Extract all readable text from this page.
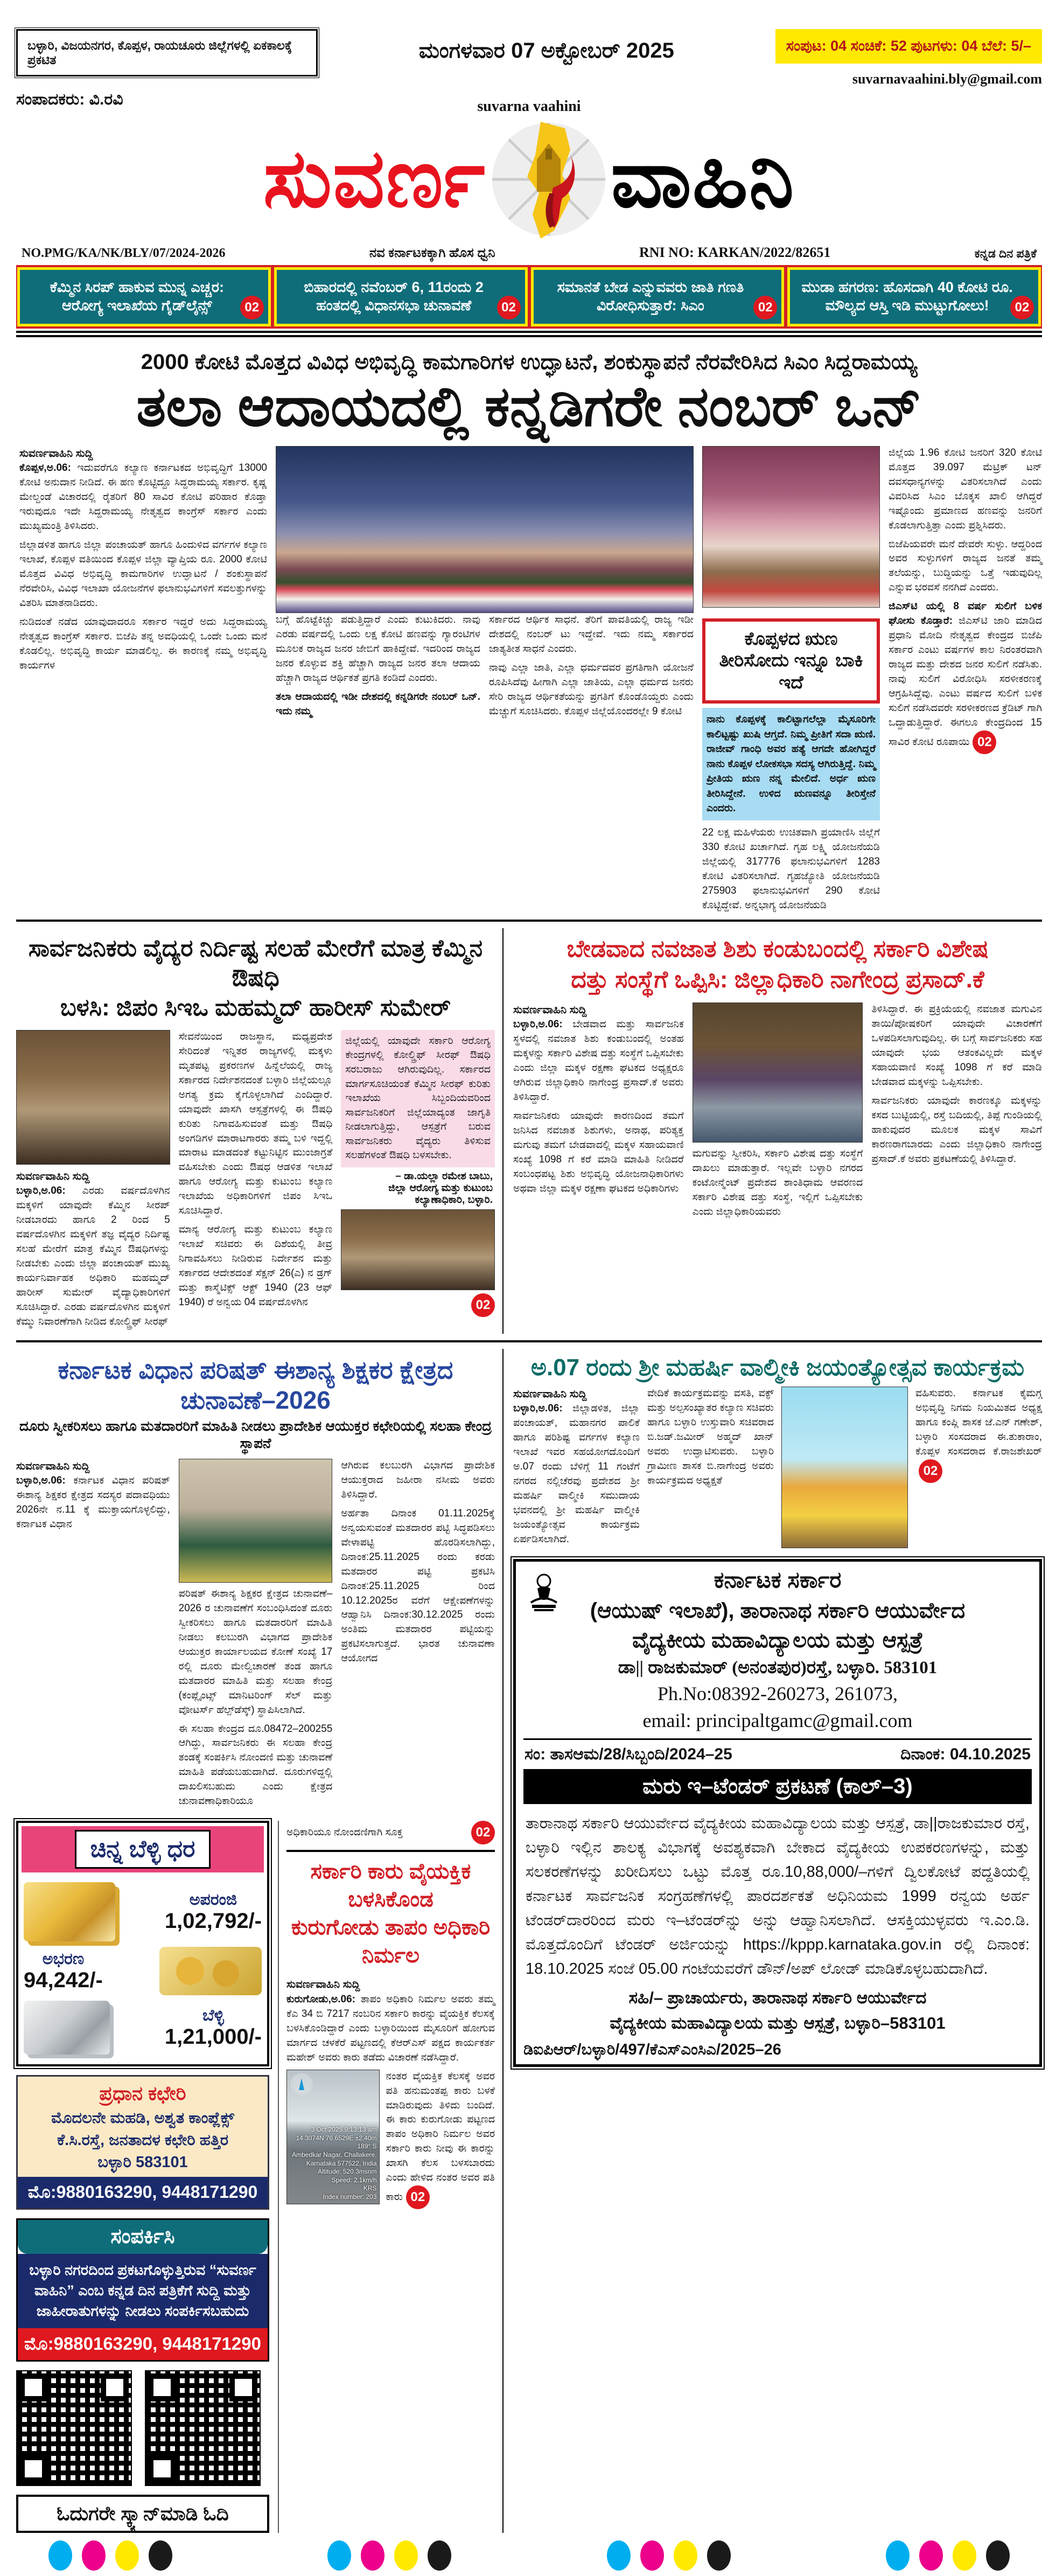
ಬಳ್ಳಾರಿ, ವಿಜಯನಗರ, ಕೊಪ್ಪಳ, ರಾಯಚೂರು ಜಿಲ್ಲೆಗಳಲ್ಲಿ ಏಕಕಾಲಕ್ಕೆ ಪ್ರಕಟಿತ	ಮಂಗಳವಾರ 07 ಅಕ್ಟೋಬರ್ 2025	ಸಂಪುಟ: 04 ಸಂಚಿಕೆ: 52 ಪುಟಗಳು: 04 ಬೆಲೆ: 5/–
suvarnavaahini.bly@gmail.com
ಸಂಪಾದಕರು: ವಿ.ರವಿ	suvarna vaahini
ಸುವರ್ಣ ವಾಹಿನಿ
NO.PMG/KA/NK/BLY/07/2024-2026	ನವ ಕರ್ನಾಟಕಕ್ಕಾಗಿ ಹೊಸ ಧ್ವನಿ	RNI NO: KARKAN/2022/82651	ಕನ್ನಡ ದಿನ ಪತ್ರಿಕೆ
ಕೆಮ್ಮಿನ ಸಿರಪ್ ಹಾಕುವ ಮುನ್ನ ಎಚ್ಚರ: ಆರೋಗ್ಯ ಇಲಾಖೆಯ ಗೈಡ್‌ಲೈನ್ಸ್	02
ಬಿಹಾರದಲ್ಲಿ ನವೆಂಬರ್ 6, 11ರಂದು 2 ಹಂತದಲ್ಲಿ ವಿಧಾನಸಭಾ ಚುನಾವಣೆ	02
ಸಮಾನತೆ ಬೇಡ ಎನ್ನುವವರು ಜಾತಿ ಗಣತಿ ವಿರೋಧಿಸುತ್ತಾರೆ: ಸಿಎಂ	02
ಮುಡಾ ಹಗರಣ: ಹೊಸದಾಗಿ 40 ಕೋಟಿ ರೂ. ಮೌಲ್ಯದ ಆಸ್ತಿ ಇಡಿ ಮುಟ್ಟುಗೋಲು!	02
2000 ಕೋಟಿ ಮೊತ್ತದ ವಿವಿಧ ಅಭಿವೃದ್ಧಿ ಕಾಮಗಾರಿಗಳ ಉದ್ಘಾಟನೆ, ಶಂಕುಸ್ಥಾಪನೆ ನೆರವೇರಿಸಿದ ಸಿಎಂ ಸಿದ್ದರಾಮಯ್ಯ
ತಲಾ ಆದಾಯದಲ್ಲಿ ಕನ್ನಡಿಗರೇ ನಂಬರ್ ಒನ್
ಸುವರ್ಣವಾಹಿನಿ ಸುದ್ದಿ

ಕೊಪ್ಪಳ,ಅ.06: ಇದುವರೆಗೂ ಕಲ್ಯಾಣ ಕರ್ನಾಟಕದ ಅಭಿವೃದ್ಧಿಗೆ 13000 ಕೋಟಿ ಅನುದಾನ ನೀಡಿದೆ. ಈ ಹಣ ಕೊಟ್ಟಿದ್ದೂ ಸಿದ್ದರಾಮಯ್ಯ ಸರ್ಕಾರ. ಕೃಷ್ಣ ಮೇಲ್ದಂಡೆ ವಿಚಾರದಲ್ಲಿ ರೈತರಿಗೆ 80 ಸಾವಿರ ಕೋಟಿ ಪರಿಹಾರ ಕೊಡ್ತಾ ಇರುವುದೂ ಇದೇ ಸಿದ್ದರಾಮಯ್ಯ ನೇತೃತ್ವದ ಕಾಂಗ್ರೆಸ್ ಸರ್ಕಾರ ಎಂದು ಮುಖ್ಯಮಂತ್ರಿ ತಿಳಿಸಿದರು.

ಜಿಲ್ಲಾಡಳಿತ ಹಾಗೂ ಜಿಲ್ಲಾ ಪಂಚಾಯತ್ ಹಾಗೂ ಹಿಂದುಳಿದ ವರ್ಗಗಳ ಕಲ್ಯಾಣ ಇಲಾಖೆ, ಕೊಪ್ಪಳ ವತಿಯಿಂದ ಕೊಪ್ಪಳ ಜಿಲ್ಲಾ ವ್ಯಾಪ್ತಿಯ ರೂ. 2000 ಕೋಟಿ ಮೊತ್ತದ ವಿವಿಧ ಅಭಿವೃದ್ಧಿ ಕಾಮಗಾರಿಗಳ ಉದ್ಘಾಟನೆ / ಶಂಕುಸ್ಥಾಪನೆ ನೆರವೇರಿಸಿ, ವಿವಿಧ ಇಲಾಖಾ ಯೋಜನೆಗಳ ಫಲಾನುಭವಿಗಳಿಗೆ ಸವಲತ್ತುಗಳನ್ನು ವಿತರಿಸಿ ಮಾತನಾಡಿದರು.

ನುಡಿದಂತೆ ನಡೆದ ಯಾವುದಾದರೂ ಸರ್ಕಾರ ಇದ್ದರೆ ಅದು ಸಿದ್ದರಾಮಯ್ಯ ನೇತೃತ್ವದ ಕಾಂಗ್ರೆಸ್ ಸರ್ಕಾರ. ಬಿಜೆಪಿ ತನ್ನ ಅವಧಿಯಲ್ಲಿ ಒಂದೇ ಒಂದು ಮನೆ ಕೊಡಲಿಲ್ಲ. ಅಭಿವೃದ್ಧಿ ಕಾರ್ಯ ಮಾಡಲಿಲ್ಲ. ಈ ಕಾರಣಕ್ಕೆ ನಮ್ಮ ಅಭಿವೃದ್ಧಿ ಕಾರ್ಯಗಳ

ಬಗ್ಗೆ ಹೊಟ್ಟೆಕಿಚ್ಚು ಪಡುತ್ತಿದ್ದಾರೆ ಎಂದು ಕುಟುಕಿದರು. ನಾವು ಎರಡು ವರ್ಷದಲ್ಲಿ ಒಂದು ಲಕ್ಷ ಕೋಟಿ ಹಣವನ್ನು ಗ್ಯಾರಂಟಿಗಳ ಮೂಲಕ ರಾಜ್ಯದ ಜನರ ಜೇಬಿಗೆ ಹಾಕಿದ್ದೇವೆ. ಇದರಿಂದ ರಾಜ್ಯದ ಜನರ ಕೊಳ್ಳುವ ಶಕ್ತಿ ಹೆಚ್ಚಾಗಿ ರಾಜ್ಯದ ಜನರ ತಲಾ ಆದಾಯ ಹೆಚ್ಚಾಗಿ ರಾಜ್ಯದ ಆರ್ಥಿಕತೆ ಪ್ರಗತಿ ಕಂಡಿದೆ ಎಂದರು.

ತಲಾ ಆದಾಯದಲ್ಲಿ ಇಡೀ ದೇಶದಲ್ಲಿ ಕನ್ನಡಿಗರೇ ನಂಬರ್ ಒನ್. ಇದು ನಮ್ಮ

ಸರ್ಕಾರದ ಆರ್ಥಿಕ ಸಾಧನೆ. ತೆರಿಗೆ ಪಾವತಿಯಲ್ಲಿ ರಾಜ್ಯ ಇಡೀ ದೇಶದಲ್ಲಿ ನಂಬರ್ ಟು ಇದ್ದೇವೆ. ಇದು ನಮ್ಮ ಸರ್ಕಾರದ ಜಾತ್ಯತೀತ ಸಾಧನೆ ಎಂದರು.

ನಾವು ಎಲ್ಲಾ ಜಾತಿ, ಎಲ್ಲಾ ಧರ್ಮದವರ ಪ್ರಗತಿಗಾಗಿ ಯೋಜನೆ ರೂಪಿಸಿದೆವು ಹೀಗಾಗಿ ಎಲ್ಲಾ ಜಾತಿಯ, ಎಲ್ಲಾ ಧರ್ಮದ ಜನರು ಸೇರಿ ರಾಜ್ಯದ ಆರ್ಥಿಕತೆಯನ್ನು ಪ್ರಗತಿಗೆ ಕೊಂಡೊಯ್ದರು ಎಂದು ಮೆಚ್ಚುಗೆ ಸೂಚಿಸಿದರು. ಕೊಪ್ಪಳ ಜಿಲ್ಲೆಯೊಂದರಲ್ಲೇ 9 ಕೋಟಿ

ಕೊಪ್ಪಳದ ಋಣ ತೀರಿಸೋದು ಇನ್ನೂ ಬಾಕಿ ಇದೆ
ನಾನು ಕೊಪ್ಪಳಕ್ಕೆ ಕಾಲಿಟ್ಟಾಗಲೆಲ್ಲಾ ಮೈಸೂರಿಗೇ ಕಾಲಿಟ್ಟಷ್ಟು ಖುಷಿ ಆಗ್ತದೆ. ನಿಮ್ಮ ಪ್ರೀತಿಗೆ ಸದಾ ಋಣಿ. ರಾಜೀವ್ ಗಾಂಧಿ ಅವರ ಹತ್ಯೆ ಆಗದೇ ಹೋಗಿದ್ದರೆ ನಾನು ಕೊಪ್ಪಳ ಲೋಕಸಭಾ ಸದಸ್ಯ ಆಗಿರುತ್ತಿದ್ದೆ. ನಿಮ್ಮ ಪ್ರೀತಿಯ ಋಣ ನನ್ನ ಮೇಲಿದೆ. ಅರ್ಧ ಋಣ ತೀರಿಸಿದ್ದೇನೆ. ಉಳಿದ ಋಣವನ್ನೂ ತೀರಿಸ್ತೇನೆ ಎಂದರು.

22 ಲಕ್ಷ ಮಹಿಳೆಯರು ಉಚಿತವಾಗಿ ಪ್ರಯಾಣಿಸಿ ಜಿಲ್ಲೆಗೆ 330 ಕೋಟಿ ಖರ್ಚಾಗಿದೆ. ಗೃಹ ಲಕ್ಷ್ಮಿ ಯೋಜನೆಯಡಿ ಜಿಲ್ಲೆಯಲ್ಲಿ 317776 ಫಲಾನುಭವಿಗಳಿಗೆ 1283 ಕೋಟಿ ವಿತರಿಸಲಾಗಿದೆ. ಗೃಹಜ್ಯೋತಿ ಯೋಜನೆಯಡಿ 275903 ಫಲಾನುಭವಿಗಳಿಗೆ 290 ಕೋಟಿ ಕೊಟ್ಟಿದ್ದೇವೆ. ಅನ್ನಭಾಗ್ಯ ಯೋಜನೆಯಡಿ

ಜಿಲ್ಲೆಯ 1.96 ಕೋಟಿ ಜನರಿಗೆ 320 ಕೋಟಿ ಮೊತ್ತದ 39.097 ಮೆಟ್ರಿಕ್ ಟನ್ ದವಸಧಾನ್ಯಗಳನ್ನು ವಿತರಿಸಲಾಗಿದೆ ಎಂದು ವಿವರಿಸಿದ ಸಿಎಂ ಬೊಕ್ಕಸ ಖಾಲಿ ಆಗಿದ್ದರೆ ಇಷ್ಟೊಂದು ಪ್ರಮಾಣದ ಹಣವನ್ನು ಜನರಿಗೆ ಕೊಡಲಾಗುತ್ತಿತ್ತಾ ಎಂದು ಪ್ರಶ್ನಿಸಿದರು.

ಬಿಜೆಪಿಯವರೇ ಮನೆ ದೇವರೇ ಸುಳ್ಳು. ಆದ್ದರಿಂದ ಅವರ ಸುಳ್ಳುಗಳಿಗೆ ರಾಜ್ಯದ ಜನತೆ ತಮ್ಮ ತಲೆಯನ್ನು, ಬುದ್ಧಿಯನ್ನು ಒತ್ತೆ ಇಡುವುದಿಲ್ಲ ಎನ್ನುವ ಭರವಸೆ ನನಗಿದೆ ಎಂದರು.

ಜಿಎಸ್‌ಟಿ ಯಲ್ಲಿ 8 ವರ್ಷ ಸುಲಿಗೆ ಬಳಿಕ ಘೋಸು ಕೊಡ್ತಾರೆ: ಜಿಎಸ್‌ಟಿ ಜಾರಿ ಮಾಡಿದ ಪ್ರಧಾನಿ ಮೋದಿ ನೇತೃತ್ವದ ಕೇಂದ್ರದ ಬಿಜೆಪಿ ಸರ್ಕಾರ ಎಂಟು ವರ್ಷಗಳ ಕಾಲ ನಿರಂತರವಾಗಿ ರಾಜ್ಯದ ಮತ್ತು ದೇಶದ ಜನರ ಸುಲಿಗೆ ನಡೆಸಿತು. ನಾವು ಸುಲಿಗೆ ವಿರೋಧಿಸಿ ಸರಳೀಕರಣಕ್ಕೆ ಆಗ್ರಹಿಸಿದ್ದೆವು. ಎಂಟು ವರ್ಷದ ಸುಲಿಗೆ ಬಳಿಕ ಸುಲಿಗೆ ನಡೆಸಿದವರೇ ಸರಳೀಕರಣದ ಕ್ರೆಡಿಟ್ ಗಾಗಿ ಒದ್ದಾಡುತ್ತಿದ್ದಾರೆ. ಈಗಲೂ ಕೇಂದ್ರದಿಂದ 15 ಸಾವಿರ ಕೋಟಿ ರೂಪಾಯಿ 02

ಸಾರ್ವಜನಿಕರು ವೈದ್ಯರ ನಿರ್ದಿಷ್ಟ ಸಲಹೆ ಮೇರೆಗೆ ಮಾತ್ರ ಕೆಮ್ಮಿನ ಔಷಧಿ
ಬಳಸಿ: ಜಿಪಂ ಸಿಇಒ ಮಹಮ್ಮದ್ ಹಾರೀಸ್ ಸುಮೇರ್
ಸುವರ್ಣವಾಹಿನಿ ಸುದ್ದಿ

ಬಳ್ಳಾರಿ,ಅ.06: ಎರಡು ವರ್ಷದೊಳಗಿನ ಮಕ್ಕಳಿಗೆ ಯಾವುದೇ ಕೆಮ್ಮಿನ ಸೀರಪ್ ನೀಡಬಾರದು ಹಾಗೂ 2 ರಿಂದ 5 ವರ್ಷದೊಳಗಿನ ಮಕ್ಕಳಿಗೆ ತಜ್ಞ ವೈದ್ಯರ ನಿರ್ದಿಷ್ಟ ಸಲಹೆ ಮೇರೆಗೆ ಮಾತ್ರ ಕೆಮ್ಮಿನ ಔಷಧಿಗಳನ್ನು ನೀಡಬೇಕು ಎಂದು ಜಿಲ್ಲಾ ಪಂಚಾಯತ್ ಮುಖ್ಯ ಕಾರ್ಯನಿರ್ವಾಹಕ ಅಧಿಕಾರಿ ಮಹಮ್ಮದ್ ಹಾರೀಸ್ ಸುಮೇರ್ ವೈದ್ಯಾಧಿಕಾರಿಗಳಿಗೆ ಸೂಚಿಸಿದ್ದಾರೆ. ಎರಡು ವರ್ಷದೊಳಗಿನ ಮಕ್ಕಳಿಗೆ ಕೆಮ್ಮು ನಿವಾರಣೆಗಾಗಿ ನೀಡಿದ ಕೋಲ್ಡ್ರಿಫ್ ಸೀರಫ್

ಸೇವನೆಯಿಂದ ರಾಜಸ್ಥಾನ, ಮಧ್ಯಪ್ರದೇಶ ಸೇರಿದಂತೆ ಇನ್ನಿತರ ರಾಜ್ಯಗಳಲ್ಲಿ ಮಕ್ಕಳು ಮೃತಪಟ್ಟ ಪ್ರಕರಣಗಳ ಹಿನ್ನೆಲೆಯಲ್ಲಿ ರಾಜ್ಯ ಸರ್ಕಾರದ ನಿರ್ದೇಶನದಂತೆ ಬಳ್ಳಾರಿ ಜಿಲ್ಲೆಯಲ್ಲೂ ಅಗತ್ಯ ಕ್ರಮ ಕೈಗೊಳ್ಳಲಾಗಿದೆ ಎಂದಿದ್ದಾರೆ. ಯಾವುದೇ ಖಾಸಗಿ ಆಸ್ಪತ್ರೆಗಳಲ್ಲಿ ಈ ಔಷಧಿ ಕುರಿತು ನಿಗಾವಹಿಸುವಂತೆ ಮತ್ತು ಔಷಧಿ ಅಂಗಡಿಗಳ ಮಾರಾಟಗಾರರು ತಮ್ಮ ಬಳಿ ಇದ್ದಲ್ಲಿ ಮಾರಾಟ ಮಾಡದಂತೆ ಕಟ್ಟುನಿಟ್ಟಿನ ಮುಂಜಾಗ್ರತೆ ವಹಿಸಬೇಕು ಎಂದು ಔಷಧ ಆಡಳಿತ ಇಲಾಖೆ ಹಾಗೂ ಆರೋಗ್ಯ ಮತ್ತು ಕುಟುಂಬ ಕಲ್ಯಾಣ ಇಲಾಖೆಯ ಅಧಿಕಾರಿಗಳಿಗೆ ಜಿಪಂ ಸಿಇಒ ಸೂಚಿಸಿದ್ದಾರೆ.

ಮಾನ್ಯ ಆರೋಗ್ಯ ಮತ್ತು ಕುಟುಂಬ ಕಲ್ಯಾಣ ಇಲಾಖೆ ಸಚಿವರು ಈ ದಿಶೆಯಲ್ಲಿ ತೀವ್ರ ನಿಗಾವಹಿಸಲು ನೀಡಿರುವ ನಿರ್ದೇಶನ ಮತ್ತು ಸರ್ಕಾರದ ಆದೇಶದಂತೆ ಸೆಕ್ಷನ್ 26(ಎ) ನ ಡ್ರಗ್ ಮತ್ತು ಕಾಸ್ಮೆಟಿಕ್ಸ್ ಆಕ್ಟ್ 1940 (23 ಆಫ್ 1940) ರೆ ಅನ್ವಯ 04 ವರ್ಷದೊಳಗಿನ

ಜಿಲ್ಲೆಯಲ್ಲಿ ಯಾವುದೇ ಸರ್ಕಾರಿ ಆರೋಗ್ಯ ಕೇಂದ್ರಗಳಲ್ಲಿ ಕೋಲ್ಡ್ರಿಫ್ ಸೀರಫ್ ಔಷಧಿ ಸರಬರಾಜು ಆಗಿರುವುದಿಲ್ಲ. ಸರ್ಕಾರದ ಮಾರ್ಗಸೂಚಿಯಂತೆ ಕೆಮ್ಮಿನ ಸೀರಫ್ ಕುರಿತು ಇಲಾಖೆಯ ಸಿಬ್ಬಂದಿಯವರಿಂದ ಸಾರ್ವಜನಿಕರಿಗೆ ಜಿಲ್ಲೆಯಾದ್ಯಂತ ಜಾಗೃತಿ ನೀಡಲಾಗುತ್ತಿದ್ದು, ಆಸ್ಪತ್ರೆಗೆ ಬರುವ ಸಾರ್ವಜನಿಕರು ವೈದ್ಯರು ತಿಳಿಸುವ ಸಲಹೆಗಳಂತೆ ಔಷಧಿ ಬಳಸಬೇಕು.
– ಡಾ.ಯಲ್ಲಾ ರಮೇಶ ಬಾಬು,
ಜಿಲ್ಲಾ ಆರೋಗ್ಯ ಮತ್ತು ಕುಟುಂಬ
ಕಲ್ಯಾಣಾಧಿಕಾರಿ, ಬಳ್ಳಾರಿ.
02
ಬೇಡವಾದ ನವಜಾತ ಶಿಶು ಕಂಡುಬಂದಲ್ಲಿ ಸರ್ಕಾರಿ ವಿಶೇಷ
ದತ್ತು ಸಂಸ್ಥೆಗೆ ಒಪ್ಪಿಸಿ: ಜಿಲ್ಲಾಧಿಕಾರಿ ನಾಗೇಂದ್ರ ಪ್ರಸಾದ್.ಕೆ
ಸುವರ್ಣವಾಹಿನಿ ಸುದ್ದಿ

ಬಳ್ಳಾರಿ,ಅ.06: ಬೇಡವಾದ ಮತ್ತು ಸಾರ್ವಜನಿಕ ಸ್ಥಳದಲ್ಲಿ ನವಜಾತ ಶಿಶು ಕಂಡುಬಂದಲ್ಲಿ ಅಂತಹ ಮಕ್ಕಳನ್ನು ಸರ್ಕಾರಿ ವಿಶೇಷ ದತ್ತು ಸಂಸ್ಥೆಗೆ ಒಪ್ಪಿಸಬೇಕು ಎಂದು ಜಿಲ್ಲಾ ಮಕ್ಕಳ ರಕ್ಷಣಾ ಘಟಕದ ಅಧ್ಯಕ್ಷರೂ ಆಗಿರುವ ಜಿಲ್ಲಾಧಿಕಾರಿ ನಾಗೇಂದ್ರ ಪ್ರಸಾದ್.ಕೆ ಅವರು ತಿಳಿಸಿದ್ದಾರೆ.

ಸಾರ್ವಜನಿಕರು ಯಾವುದೇ ಕಾರಣದಿಂದ ತಮಗೆ ಜನಿಸಿದ ನವಜಾತ ಶಿಶುಗಳು, ಅನಾಥ, ಪರಿತ್ಯಕ್ತ ಮಗುವು ತಮಗೆ ಬೇಡವಾದಲ್ಲಿ ಮಕ್ಕಳ ಸಹಾಯವಾಣಿ ಸಂಖ್ಯೆ 1098 ಗೆ ಕರೆ ಮಾಡಿ ಮಾಹಿತಿ ನೀಡಿದರೆ ಸಂಬಂಧಪಟ್ಟ ಶಿಶು ಅಭಿವೃದ್ಧಿ ಯೋಜನಾಧಿಕಾರಿಗಳು ಅಥವಾ ಜಿಲ್ಲಾ ಮಕ್ಕಳ ರಕ್ಷಣಾ ಘಟಕದ ಅಧಿಕಾರಿಗಳು

ಮಗುವನ್ನು ಸ್ವೀಕರಿಸಿ, ಸರ್ಕಾರಿ ವಿಶೇಷ ದತ್ತು ಸಂಸ್ಥೆಗೆ ದಾಖಲು ಮಾಡುತ್ತಾರೆ. ಇಲ್ಲವೇ ಬಳ್ಳಾರಿ ನಗರದ ಕಂಟೋನ್ಮೆಂಟ್ ಪ್ರದೇಶದ ಶಾಂತಿಧಾಮ ಆವರಣದ ಸರ್ಕಾರಿ ವಿಶೇಷ ದತ್ತು ಸಂಸ್ಥೆ, ಇಲ್ಲಿಗೆ ಒಪ್ಪಿಸಬೇಕು ಎಂದು ಜಿಲ್ಲಾಧಿಕಾರಿಯವರು

ತಿಳಿಸಿದ್ದಾರೆ. ಈ ಪ್ರಕ್ರಿಯೆಯಲ್ಲಿ ನವಜಾತ ಮಗುವಿನ ತಾಯಿ/ಪೋಷಕರಿಗೆ ಯಾವುದೇ ವಿಚಾರಣೆಗೆ ಒಳಪಡಿಸಲಾಗುವುದಿಲ್ಲ. ಈ ಬಗ್ಗೆ ಸಾರ್ವಜನಿಕರು ಸಹ ಯಾವುದೇ ಭಯ ಆತಂಕವಿಲ್ಲದೇ ಮಕ್ಕಳ ಸಹಾಯವಾಣಿ ಸಂಖ್ಯೆ 1098 ಗೆ ಕರೆ ಮಾಡಿ ಬೇಡವಾದ ಮಕ್ಕಳನ್ನು ಒಪ್ಪಿಸಬೇಕು.

ಸಾರ್ವಜನಿಕರು ಯಾವುದೇ ಕಾರಣಕ್ಕೂ ಮಕ್ಕಳನ್ನು ಕಸದ ಬುಟ್ಟಿಯಲ್ಲಿ, ರಸ್ತೆ ಬದಿಯಲ್ಲಿ, ತಿಪ್ಪೆ ಗುಂಡಿಯಲ್ಲಿ ಹಾಕುವುದರ ಮೂಲಕ ಮಕ್ಕಳ ಸಾವಿಗೆ ಕಾರಣರಾಗಬಾರದು ಎಂದು ಜಿಲ್ಲಾಧಿಕಾರಿ ನಾಗೇಂದ್ರ ಪ್ರಸಾದ್.ಕೆ ಅವರು ಪ್ರಕಟಣೆಯಲ್ಲಿ ತಿಳಿಸಿದ್ದಾರೆ.

ಕರ್ನಾಟಕ ವಿಧಾನ ಪರಿಷತ್ ಈಶಾನ್ಯ ಶಿಕ್ಷಕರ ಕ್ಷೇತ್ರದ ಚುನಾವಣೆ–2026
ದೂರು ಸ್ವೀಕರಿಸಲು ಹಾಗೂ ಮತದಾರರಿಗೆ ಮಾಹಿತಿ ನೀಡಲು ಪ್ರಾದೇಶಿಕ ಆಯುಕ್ತರ ಕಛೇರಿಯಲ್ಲಿ ಸಲಹಾ ಕೇಂದ್ರ ಸ್ಥಾಪನೆ
ಸುವರ್ಣವಾಹಿನಿ ಸುದ್ದಿ

ಬಳ್ಳಾರಿ,ಅ.06: ಕರ್ನಾಟಕ ವಿಧಾನ ಪರಿಷತ್ ಈಶಾನ್ಯ ಶಿಕ್ಷಕರ ಕ್ಷೇತ್ರದ ಸದಸ್ಯರ ಪದಾವಧಿಯು 2026ನೇ ನ.11 ಕ್ಕೆ ಮುಕ್ತಾಯಗೊಳ್ಳಲಿದ್ದು, ಕರ್ನಾಟಕ ವಿಧಾನ

ಪರಿಷತ್ ಈಶಾನ್ಯ ಶಿಕ್ಷಕರ ಕ್ಷೇತ್ರದ ಚುನಾವಣೆ–2026 ರ ಚುನಾವಣೆಗೆ ಸಂಬಂಧಿಸಿದಂತೆ ದೂರು ಸ್ವೀಕರಿಸಲು ಹಾಗೂ ಮತದಾರರಿಗೆ ಮಾಹಿತಿ ನೀಡಲು ಕಲಬುರಗಿ ವಿಭಾಗದ ಪ್ರಾದೇಶಿಕ ಆಯುಕ್ತರ ಕಾರ್ಯಾಲಯದ ಕೋಣೆ ಸಂಖ್ಯೆ 17 ರಲ್ಲಿ ದೂರು ಮೇಲ್ವಿಚಾರಣೆ ತಂಡ ಹಾಗೂ ಮತದಾರರ ಮಾಹಿತಿ ಮತ್ತು ಸಲಹಾ ಕೇಂದ್ರ (ಕಂಪ್ಲೈಂಟ್ಸ್ ಮಾನಿಟರಿಂಗ್ ಸೆಲ್ ಮತ್ತು ವೋಟರ್ಸ್ ಹೆಲ್ಪ್‌ಡೆಸ್ಕ್) ಸ್ಥಾಪಿಸಿಲಾಗಿದೆ.

ಈ ಸಲಹಾ ಕೇಂದ್ರದ ದೂ.08472–200255 ಆಗಿದ್ದು, ಸಾರ್ವಜನಿಕರು ಈ ಸಲಹಾ ಕೇಂದ್ರ ತಂಡಕ್ಕೆ ಸಂಪರ್ಕಿಸಿ ನೋಂದಣಿ ಮತ್ತು ಚುನಾವಣೆ ಮಾಹಿತಿ ಪಡೆಯಬಹುದಾಗಿದೆ. ದೂರುಗಳಿದ್ದಲ್ಲಿ ದಾಖಲಿಸಬಹುದು ಎಂದು ಕ್ಷೇತ್ರದ ಚುನಾವಣಾಧಿಕಾರಿಯೂ

ಆಗಿರುವ ಕಲಬುರಗಿ ವಿಭಾಗದ ಪ್ರಾದೇಶಿಕ ಆಯುಕ್ತರಾದ ಜಹೀರಾ ನಸೀಮ ಅವರು ತಿಳಿಸಿದ್ದಾರೆ.

ಅರ್ಹತಾ ದಿನಾಂಕ 01.11.2025ಕ್ಕೆ ಅನ್ವಯಸುವಂತೆ ಮತದಾರರ ಪಟ್ಟಿ ಸಿದ್ಧಪಡಿಸಲು ವೇಳಾಪಟ್ಟಿ ಹೊರಡಿಸಲಾಗಿದ್ದು, ದಿನಾಂಕ:25.11.2025 ರಂದು ಕರಡು ಮತದಾರರ ಪಟ್ಟಿ ಪ್ರಕಟಿಸಿ ದಿನಾಂಕ:25.11.2025 ರಿಂದ 10.12.2025ರ ವರೆಗೆ ಆಕ್ಷೇಪಣೆಗಳನ್ನು ಆಹ್ವಾನಿಸಿ ದಿನಾಂಕ:30.12.2025 ರಂದು ಅಂತಿಮ ಮತದಾರರ ಪಟ್ಟಿಯನ್ನು ಪ್ರಕಟಿಸಲಾಗುತ್ತದೆ. ಭಾರತ ಚುನಾವಣಾ ಆಯೋಗದ

ಚಿನ್ನ ಬೆಳ್ಳಿ ಧರ
ಅಪರಂಜಿ
1,02,792/-
ಅಭರಣ
94,242/-
ಬೆಳ್ಳಿ
1,21,000/-
ಪ್ರಧಾನ ಕಛೇರಿ
ಮೊದಲನೇ ಮಹಡಿ, ಅಶ್ವತ ಕಾಂಪ್ಲೆಕ್ಸ್
ಕೆ.ಸಿ.ರಸ್ತೆ, ಜನತಾದಳ ಕಛೇರಿ ಹತ್ತಿರ
ಬಳ್ಳಾರಿ 583101
ಮೊ:9880163290, 9448171290
ಸಂಪರ್ಕಿಸಿ
ಬಳ್ಳಾರಿ ನಗರದಿಂದ ಪ್ರಕಟಗೊಳ್ಳುತ್ತಿರುವ “ಸುವರ್ಣ ವಾಹಿನಿ” ಎಂಬ ಕನ್ನಡ ದಿನ ಪತ್ರಿಕೆಗೆ ಸುದ್ದಿ ಮತ್ತು ಜಾಹೀರಾತುಗಳನ್ನು ನೀಡಲು ಸಂಪರ್ಕಿಸಬಹುದು
ಮೊ:9880163290, 9448171290
ಓದುಗರೇ ಸ್ಕ್ಯಾನ್‌ಮಾಡಿ ಓದಿ
ಅಧಿಕಾರಿಯೂ ನೋಂದಣಿಗಾಗಿ ಸೂಕ್ತ	02
ಸರ್ಕಾರಿ ಕಾರು ವೈಯಕ್ತಿಕ ಬಳಸಿಕೊಂಡ
ಕುರುಗೋಡು ತಾಪಂ ಅಧಿಕಾರಿ ನಿರ್ಮಲ
ಸುವರ್ಣವಾಹಿನಿ ಸುದ್ದಿ

ಕುರುಗೋಡು,ಅ.06: ತಾಪಂ ಅಧಿಕಾರಿ ನಿರ್ಮಲ ಅವರು ತಮ್ಮ ಕೆಎ 34 ಬಿ 7217 ನಂಬರಿನ ಸರ್ಕಾರಿ ಕಾರನ್ನು ವೈಯಕ್ತಿಕ ಕೆಲಸಕ್ಕೆ ಬಳಸಿಕೊಂಡಿದ್ದಾರೆ ಎಂದು ಬಳ್ಳಾರಿಯಿಂದ ಮೈಸೂರಿಗೆ ಹೋಗುವ ಮಾರ್ಗದ ಚಳಕೆರೆ ಪಟ್ಟಣದಲ್ಲಿ ಕೆಆರ್‌ಎಸ್ ಪಕ್ಷದ ಕಾರ್ಯಕರ್ತ ಮಹೇಶ್ ಅವರು ಕಾರು ತಡೆದು ವಿಚಾರಣೆ ನಡೆಸಿದ್ದಾರೆ.

3 Oct 2025 9:13:13 am
14.3074N 76.6529E ±2.40m
189° S
Ambedkar Nagar, Challakere, Karnataka 577522, India
Altitude: 520.3msnm
Speed: 2.1km/h
KRS
Index number: 203

ನಂತರ ವೈಯಕ್ತಿಕ ಕೆಲಸಕ್ಕೆ ಅವರ ಪತಿ ಹನುಮಂತಪ್ಪ ಕಾರು ಬಳಕೆ ಮಾಡಿರುವುದು ತಿಳಿದು ಬಂದಿದೆ. ಈ ಕಾರು ಕುರುಗೋಡು ಪಟ್ಟಣದ ತಾಪಂ ಅಧಿಕಾರಿ ನಿರ್ಮಲ ಅವರ ಸರ್ಕಾರಿ ಕಾರು ನೀವು ಈ ಕಾರನ್ನು ಖಾಸಗಿ ಕೆಲಸ ಬಳಸಬಾರದು ಎಂದು ಹೇಳಿದ ನಂತರ ಅವರ ಪತಿ ಕಾರು 02

ಅ.07 ರಂದು ಶ್ರೀ ಮಹರ್ಷಿ ವಾಲ್ಮೀಕಿ ಜಯಂತ್ಯೋತ್ಸವ ಕಾರ್ಯಕ್ರಮ
ಸುವರ್ಣವಾಹಿನಿ ಸುದ್ದಿ

ಬಳ್ಳಾರಿ,ಅ.06: ಜಿಲ್ಲಾಡಳಿತ, ಜಿಲ್ಲಾ ಪಂಚಾಯತ್, ಮಹಾನಗರ ಪಾಲಿಕೆ ಹಾಗೂ ಪರಿಶಿಷ್ಟ ವರ್ಗಗಳ ಕಲ್ಯಾಣ ಇಲಾಖೆ ಇವರ ಸಹಯೋಗದೊಂದಿಗೆ ಅ.07 ರಂದು ಬೆಳಿಗ್ಗೆ 11 ಗಂಟೆಗೆ ನಗರದ ನಲ್ಲಿಚೆರವು ಪ್ರದೇಶದ ಶ್ರೀ ಮಹರ್ಷಿ ವಾಲ್ಮೀಕಿ ಸಮುದಾಯ ಭವನದಲ್ಲಿ ಶ್ರೀ ಮಹರ್ಷಿ ವಾಲ್ಮೀಕಿ ಜಯಂತ್ಯೋತ್ಸವ ಕಾರ್ಯಕ್ರಮ ಏರ್ಪಡಿಸಲಾಗಿದೆ.

ವೇದಿಕೆ ಕಾರ್ಯಕ್ರಮವನ್ನು ವಸತಿ, ವಕ್ಫ್ ಮತ್ತು ಅಲ್ಪಸಂಖ್ಯಾತರ ಕಲ್ಯಾಣ ಸಚಿವರು ಹಾಗೂ ಬಳ್ಳಾರಿ ಉಸ್ತುವಾರಿ ಸಚಿವರಾದ ಬಿ.ಜಡ್.ಜಮೀರ್ ಅಹ್ಮದ್ ಖಾನ್ ಅವರು ಉದ್ಘಾಟಿಸುವರು. ಬಳ್ಳಾರಿ ಗ್ರಾಮೀಣ ಶಾಸಕ ಬಿ.ನಾಗೇಂದ್ರ ಅವರು ಕಾರ್ಯಕ್ರಮದ ಅಧ್ಯಕ್ಷತೆ

ವಹಿಸುವರು. ಕರ್ನಾಟಕ ಕೈಮಗ್ಗ ಅಭಿವೃದ್ಧಿ ನಿಗಮ ನಿಯಮಿತದ ಅಧ್ಯಕ್ಷ ಹಾಗೂ ಕಂಪ್ಲಿ ಶಾಸಕ ಜೆ.ಎನ್ ಗಣೇಶ್, ಬಳ್ಳಾರಿ ಸಂಸದರಾದ ಈ.ತುಕಾರಾಂ, ಕೊಪ್ಪಳ ಸಂಸದರಾದ ಕೆ.ರಾಜಶೇಖರ್02

ಕರ್ನಾಟಕ ಸರ್ಕಾರ
(ಆಯುಷ್ ಇಲಾಖೆ), ತಾರಾನಾಥ ಸರ್ಕಾರಿ ಆಯುರ್ವೇದ
ವೈದ್ಯಕೀಯ ಮಹಾವಿದ್ಯಾಲಯ ಮತ್ತು ಆಸ್ಪತ್ರೆ
ಡಾ|| ರಾಜಕುಮಾರ್ (ಅನಂತಪುರ)ರಸ್ತೆ, ಬಳ್ಳಾರಿ. 583101
Ph.No:08392-260273, 261073,
email: principaltgamc@gmail.com
ಸಂ: ತಾಸಆಮ/28/ಸಿಬ್ಬಂದಿ/2024–25	ದಿನಾಂಕ: 04.10.2025
ಮರು ಇ–ಟೆಂಡರ್ ಪ್ರಕಟಣೆ (ಕಾಲ್–3)
ತಾರಾನಾಥ ಸರ್ಕಾರಿ ಆಯುರ್ವೇದ ವೈದ್ಯಕೀಯ ಮಹಾವಿದ್ಯಾಲಯ ಮತ್ತು ಆಸ್ಪತ್ರೆ, ಡಾ||ರಾಜಕುಮಾರ ರಸ್ತೆ, ಬಳ್ಳಾರಿ ಇಲ್ಲಿನ ಶಾಲಕ್ಯ ವಿಭಾಗಕ್ಕೆ ಅವಶ್ಯಕವಾಗಿ ಬೇಕಾದ ವೈದ್ಯಕೀಯ ಉಪಕರಣಗಳನ್ನು, ಮತ್ತು ಸಲಕರಣೆಗಳನ್ನು ಖರೀದಿಸಲು ಒಟ್ಟು ಮೊತ್ತ ರೂ.10,88,000/–ಗಳಿಗೆ ದ್ವಿಲಕೋಟೆ ಪದ್ದತಿಯಲ್ಲಿ ಕರ್ನಾಟಕ ಸಾರ್ವಜನಿಕ ಸಂಗ್ರಹಣೆಗಳಲ್ಲಿ ಪಾರದರ್ಶಕತೆ ಅಧಿನಿಯಮ 1999 ರನ್ವಯ ಅರ್ಹ ಟೆಂಡರ್‌ದಾರರಿಂದ ಮರು ಇ–ಟೆಂಡರ್‌ನ್ನು ಅನ್ನು ಆಹ್ವಾನಿಸಲಾಗಿದೆ. ಆಸಕ್ತಿಯುಳ್ಳವರು ಇ.ಎಂ.ಡಿ. ಮೊತ್ತದೊಂದಿಗೆ ಟೆಂಡರ್ ಅರ್ಜಿಯನ್ನು https://kppp.karnataka.gov.in ರಲ್ಲಿ ದಿನಾಂಕ: 18.10.2025 ಸಂಜೆ 05.00 ಗಂಟೆಯವರೆಗೆ ಡೌನ್/ಅಪ್ ಲೋಡ್ ಮಾಡಿಕೊಳ್ಳಬಹುದಾಗಿದೆ.
ಸಹಿ/– ಪ್ರಾಚಾರ್ಯರು, ತಾರಾನಾಥ ಸರ್ಕಾರಿ ಆಯುರ್ವೇದ
ವೈದ್ಯಕೀಯ ಮಹಾವಿದ್ಯಾಲಯ ಮತ್ತು ಆಸ್ಪತ್ರೆ, ಬಳ್ಳಾರಿ–583101
ಡಿಐಪಿಆರ್/ಬಳ್ಳಾರಿ/497/ಕೆಎಸ್‌ಎಂಸಿಎ/2025–26
